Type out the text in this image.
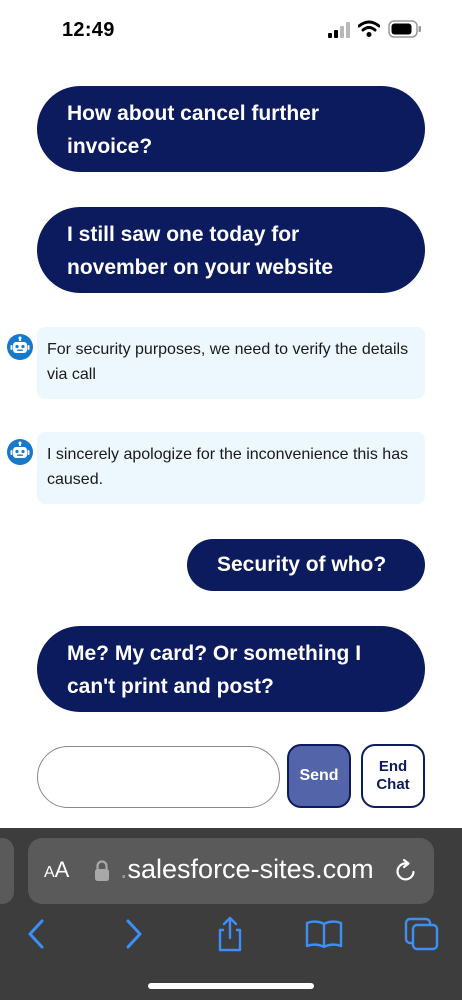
12:49
How about cancel further invoice?
I still saw one today for november on your website
For security purposes, we need to verify the details via call
I sincerely apologize for the inconvenience this has caused.
Security of who?
Me? My card? Or something I can't print and post?
Send
End
Chat
AA .salesforce-sites.com
